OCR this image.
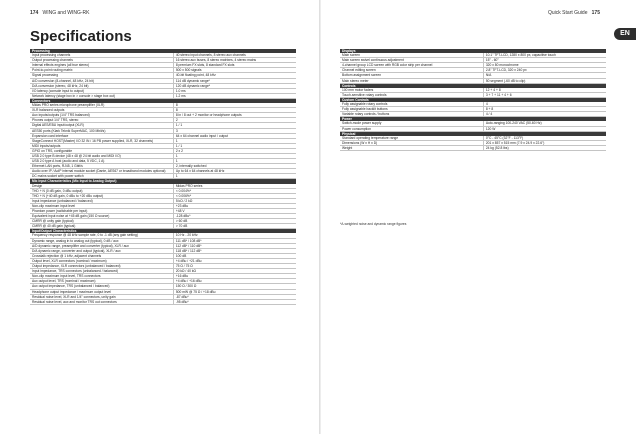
174 WING and WING-RK	Quick Start Guide 175
EN
Specifications
Processing	
Input processing channels	40 stereo input channels, 8 stereo aux channels
Output processing channels	16 stereo aux buses, 8 stereo matrixes, 4 stereo mains
Internal effects engines (all true stereo)	8 premium FX slots, 8 standard FX slots
Point-to-point routing matrix	500 x 500 signals
Signal processing	40-bit floating point, 48 kHz
A/D conversion (8-channel, 48 kHz, 24 bit)	114 dB dynamic range*
D/A conversion (stereo, 48 kHz, 24 bit)	120 dB dynamic range*
I/O latency (console input to output)	1.0 ms
Network latency (stage box in > console > stage box out)	1.2 ms
Connectors	
Midas PRO series microphone preamplifier (XLR)	8
XLR balanced outputs	8
Aux inputs/outputs (1/4" TRS balanced)	8 in / 8 out + 2 monitor or headphone outputs
Phones output 1/4" TRS, stereo	2
Digital AES/EBU input/output (XLR)	1 / 1
AES50 ports (Klark Teknik SuperMAC, 100 Mbit/s)	3
Expansion card interface	64 x 64 channel audio input / output
StageConnect HOST(Master) I/O 32 IN / 16 PB power supplied, XLR, 32 channels)	1
MIDI inputs/outputs	1 / 1
GPIO on TRS, configurable	2 x 2
USB 2.0 type B device (48 x 48 @ 24 bit audio and MIDI I/O)	1
USB 2.0 type A host (audio and data, 5 VDC, 1 A)	1
Ethernet LAN ports, RJ45, 1 Gbit/s	2, internally switched
Audio over IP / AoIP internal module socket (Dante, AES67 or broadband modules optional)	Up to 64 x 64 channels at 48 kHz
DC mains socket with power switch	1
Mic Input Characteristics (Mic Input to Analog Output)	
Design	Midas PRO series
THD + N (0 dB gain, 0 dBu output)	< 0.004%*
THD + N (+40 dB gain, 0 dBu to +20 dBu output)	< 0.006%*
Input impedance (unbalanced / balanced)	5 kΩ / 2 kΩ
Non-clip maximum input level	+23 dBu
Phantom power (switchable per input)	+48 V
Equivalent input noise at +45 dB gain (150 Ω source)	-128 dBu*
CMRR @ unity gain (typical)	> 60 dB
CMRR @ 40 dB gain (typical)	> 70 dB
Input/Output Characteristics	
Frequency response @ 48 kHz sample rate, 0 to -1 dB (any gain setting)	10 Hz - 20 kHz
Dynamic range, analog in to analog out (typical), 0 dB / aux	111 dB* / 108 dB*
A/D dynamic range, preamplifier and converter (typical), XLR / aux	112 dB* / 110 dB*
D/A dynamic range, converter and output (typical), XLR / aux	118 dB* / 112 dB*
Crosstalk rejection @ 1 kHz, adjacent channels	100 dB
Output level, XLR connectors (nominal / maximum)	+4 dBu / +21 dBu
Output impedance, XLR connectors (unbalanced / balanced)	75 Ω / 75 Ω
Input impedance, TRS connectors (unbalanced / balanced)	20 kΩ / 40 kΩ
Non-clip maximum input level, TRS connectors	+16 dBu
Aux output level, TRS (nominal / maximum)	+4 dBu / +16 dBu
Aux output impedance, TRS (unbalanced / balanced)	150 Ω / 300 Ω
Headphone output impedance / maximum output level	500 mW @ 75 Ω / +18 dBu
Residual noise level, XLR and 1/4" connectors, unity gain	-87 dBu*
Residual noise level, aux and monitor TRS out connectors	-95 dBu*
Displays	
Main screen	10.1" TFT-LCD, 1280 x 800 px, capacitive touch
Main screen swivel continuous adjustment	15° - 60°
4-channel group LCD screen with RGB color strip per channel	320 x 80 monochrome
Channel editing screen	2.8" TFT-LCD, 320 x 240 px
Bottom assignment screen	N/A
Main stereo meter	50 segment (-60 dB to clip)
Controls	
100 mm motor faders	12 + 4 + 8
Touch-sensitive rotary controls	3 + 7 + 11 + 4 + 6
Custom Controls	
Fully assignable rotary controls	4
Fully assignable backlit buttons	8 + 8
Variable rotary controls / buttons	4 / 4
Power	
Switch-mode power supply	Auto-ranging 100-240 VAC (50-60 Hz)
Power consumption	120 W
Physical	
Standard operating temperature range	0°C - 45°C (32°F - 113°F)
Dimensions (W x H x D)	201 x 857 x 515 mm (7.9 x 24.9 x 22.6")
Weight	24 kg (52.8 lbs)
*A-weighted noise and dynamic range figures
